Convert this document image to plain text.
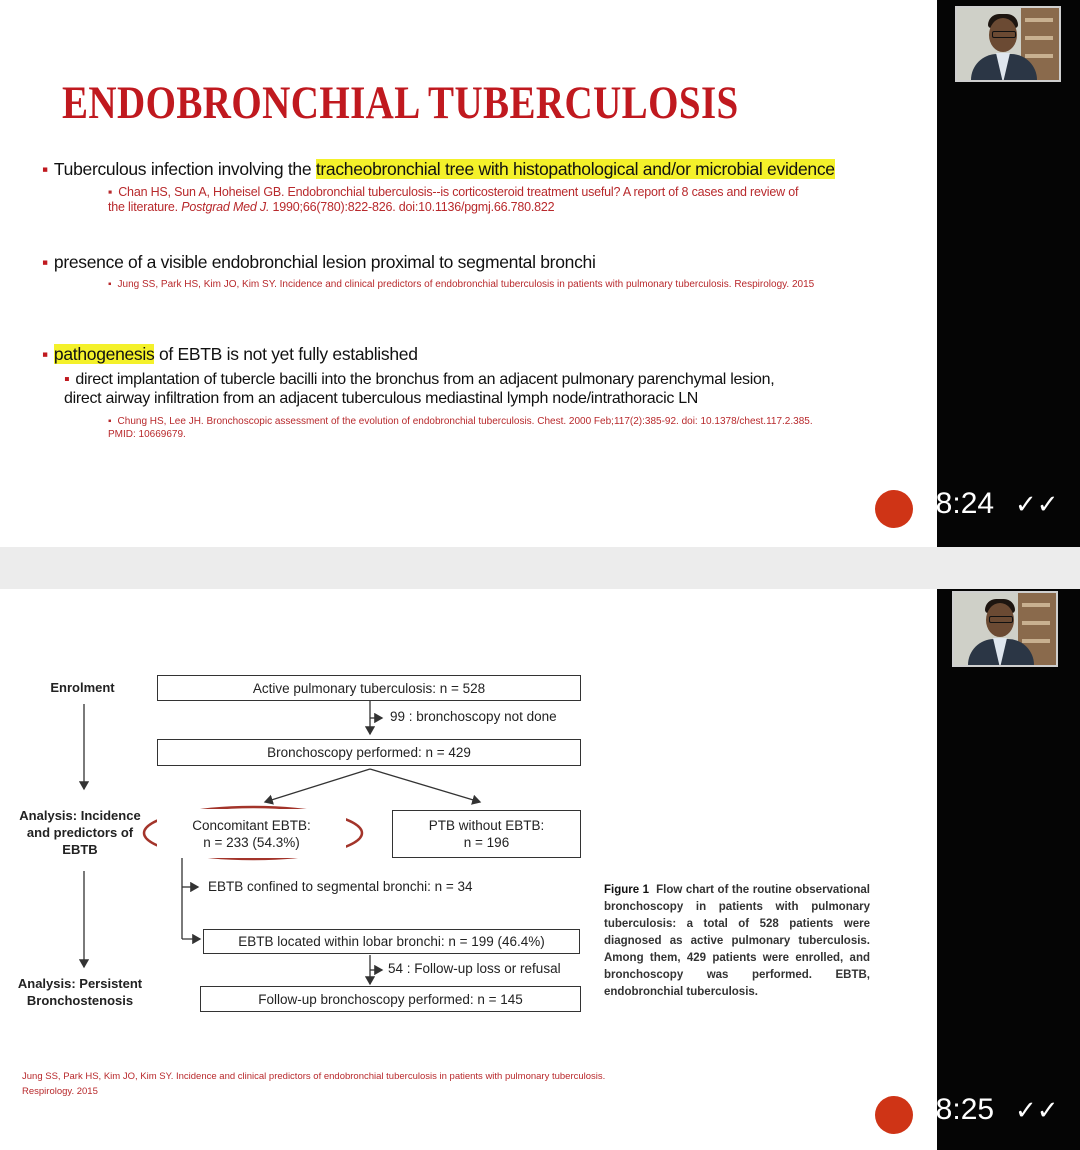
ENDOBRONCHIAL TUBERCULOSIS
▪ Tuberculous infection involving the tracheobronchial tree with histopathological and/or microbial evidence
▪ Chan HS, Sun A, Hoheisel GB. Endobronchial tuberculosis--is corticosteroid treatment useful? A report of 8 cases and review of the literature. Postgrad Med J. 1990;66(780):822-826. doi:10.1136/pgmj.66.780.822
▪ presence of a visible endobronchial lesion proximal to segmental bronchi
▪ Jung SS, Park HS, Kim JO, Kim SY. Incidence and clinical predictors of endobronchial tuberculosis in patients with pulmonary tuberculosis. Respirology. 2015
▪ pathogenesis of EBTB is not yet fully established
▪ direct implantation of tubercle bacilli into the bronchus from an adjacent pulmonary parenchymal lesion, direct airway infiltration from an adjacent tuberculous mediastinal lymph node/intrathoracic LN
▪ Chung HS, Lee JH. Bronchoscopic assessment of the evolution of endobronchial tuberculosis. Chest. 2000 Feb;117(2):385-92. doi: 10.1378/chest.117.2.385. PMID: 10669679.
18:24 ✓✓
Enrolment
Analysis: Incidence and predictors of EBTB
Analysis: Persistent Bronchostenosis
Active pulmonary tuberculosis: n = 528
99 : bronchoscopy not done
Bronchoscopy performed: n = 429
Concomitant EBTB:
n = 233 (54.3%)
PTB without EBTB:
n = 196
EBTB confined to segmental bronchi: n = 34
EBTB located within lobar bronchi: n = 199 (46.4%)
54 : Follow-up loss or refusal
Follow-up bronchoscopy performed: n = 145
18:25 ✓✓
Figure 1 Flow chart of the routine observational bronchoscopy in patients with pulmonary tuberculosis: a total of 528 patients were diagnosed as active pulmonary tuberculosis. Among them, 429 patients were enrolled, and bronchoscopy was performed. EBTB, endobronchial tuberculosis.
Jung SS, Park HS, Kim JO, Kim SY. Incidence and clinical predictors of endobronchial tuberculosis in patients with pulmonary tuberculosis. Respirology. 2015
